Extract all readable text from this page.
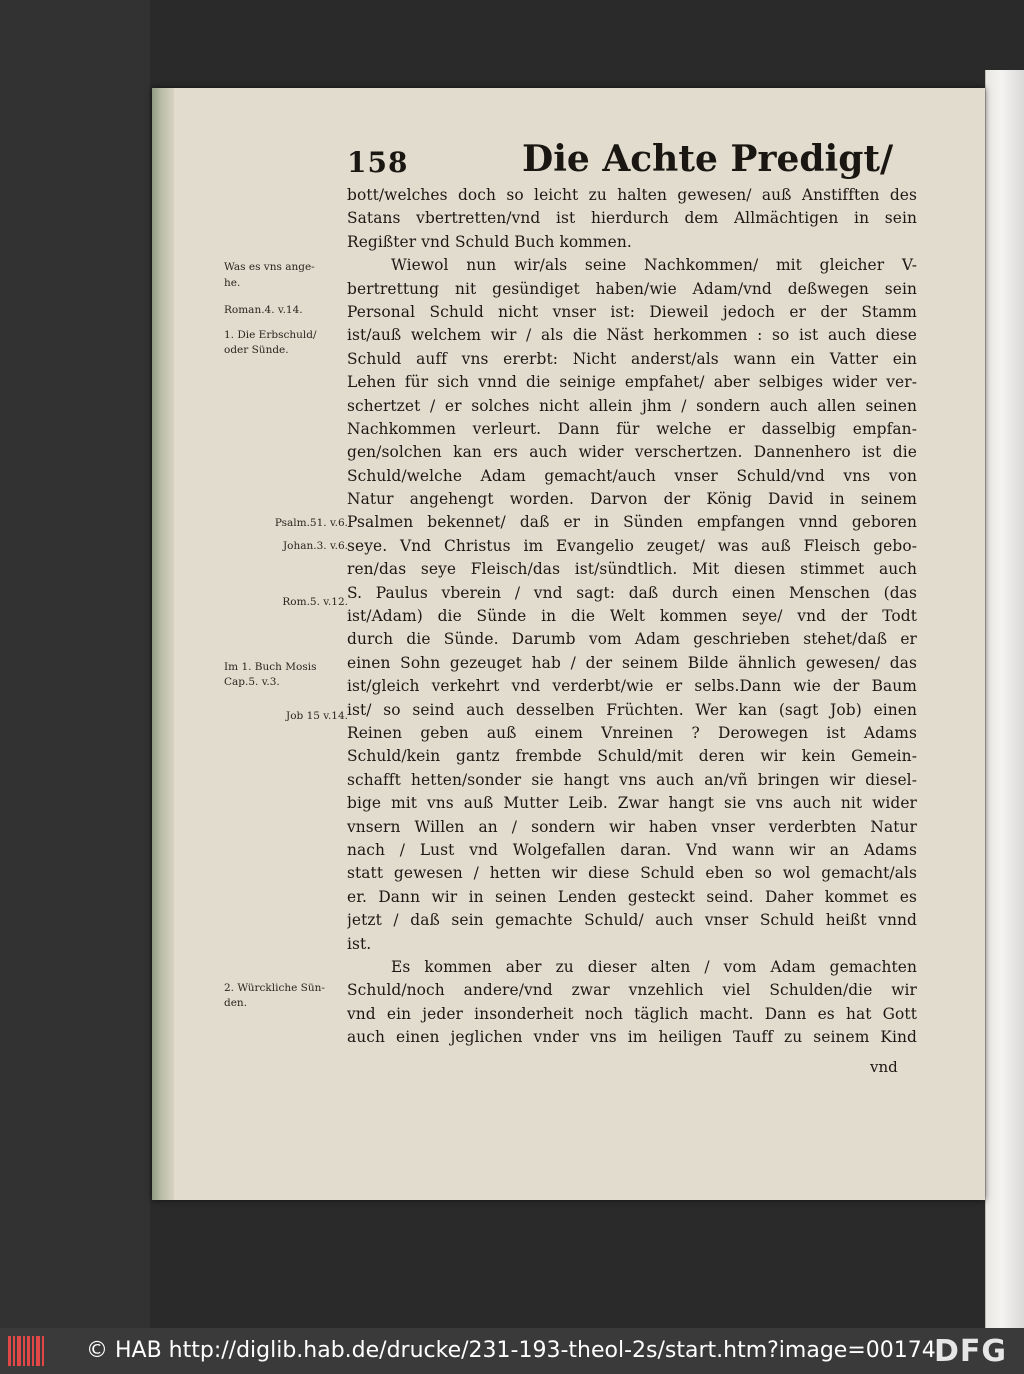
158	Die Achte Predigt/
bott/welches doch so leicht zu halten gewesen/ auß Anstifften des
Satans vbertretten/vnd ist hierdurch dem Allmächtigen in sein
Regißter vnd Schuld Buch kommen.
Wiewol nun wir/als seine Nachkommen/ mit gleicher V-
bertrettung nit gesündiget haben/wie Adam/vnd deßwegen sein
Personal Schuld nicht vnser ist: Dieweil jedoch er der Stamm
ist/auß welchem wir / als die Näst herkommen : so ist auch diese
Schuld auff vns ererbt: Nicht anderst/als wann ein Vatter ein
Lehen für sich vnnd die seinige empfahet/ aber selbiges wider ver-
schertzet / er solches nicht allein jhm / sondern auch allen seinen
Nachkommen verleurt. Dann für welche er dasselbig empfan-
gen/solchen kan ers auch wider verschertzen. Dannenhero ist die
Schuld/welche Adam gemacht/auch vnser Schuld/vnd vns von
Natur angehengt worden. Darvon der König David in seinem
Psalmen bekennet/ daß er in Sünden empfangen vnnd geboren
seye. Vnd Christus im Evangelio zeuget/ was auß Fleisch gebo-
ren/das seye Fleisch/das ist/sündtlich. Mit diesen stimmet auch
S. Paulus vberein / vnd sagt: daß durch einen Menschen (das
ist/Adam) die Sünde in die Welt kommen seye/ vnd der Todt
durch die Sünde. Darumb vom Adam geschrieben stehet/daß er
einen Sohn gezeuget hab / der seinem Bilde ähnlich gewesen/ das
ist/gleich verkehrt vnd verderbt/wie er selbs.Dann wie der Baum
ist/ so seind auch desselben Früchten. Wer kan (sagt Job) einen
Reinen geben auß einem Vnreinen ? Derowegen ist Adams
Schuld/kein gantz frembde Schuld/mit deren wir kein Gemein-
schafft hetten/sonder sie hangt vns auch an/vñ bringen wir diesel-
bige mit vns auß Mutter Leib. Zwar hangt sie vns auch nit wider
vnsern Willen an / sondern wir haben vnser verderbten Natur
nach / Lust vnd Wolgefallen daran. Vnd wann wir an Adams
statt gewesen / hetten wir diese Schuld eben so wol gemacht/als
er. Dann wir in seinen Lenden gesteckt seind. Daher kommet es
jetzt / daß sein gemachte Schuld/ auch vnser Schuld heißt vnnd
ist.
Es kommen aber zu dieser alten / vom Adam gemachten
Schuld/noch andere/vnd zwar vnzehlich viel Schulden/die wir
vnd ein jeder insonderheit noch täglich macht. Dann es hat Gott
auch einen jeglichen vnder vns im heiligen Tauff zu seinem Kind
vnd
Was es vns ange-
he.
Roman.4. v.14.
1. Die Erbschuld/
oder Sünde.
Psalm.51. v.6.
Johan.3. v.6.
Rom.5. v.12.
Im 1. Buch Mosis
Cap.5. v.3.
Job 15 v.14.
2. Würckliche Sün-
den.
© HAB http://diglib.hab.de/drucke/231-193-theol-2s/start.htm?image=00174
DFG
